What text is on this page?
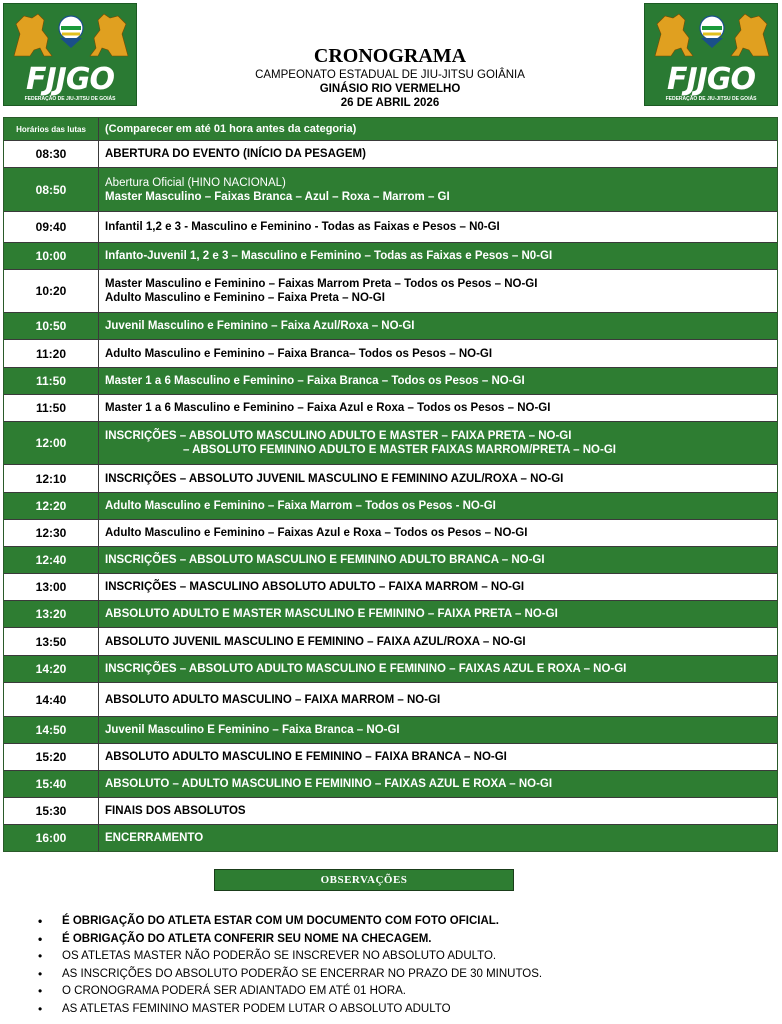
FJJGO
FEDERAÇÃO DE JIU-JITSU DE GOIÁS
FJJGO
FEDERAÇÃO DE JIU-JITSU DE GOIÁS
CRONOGRAMA
CAMPEONATO ESTADUAL DE JIU-JITSU GOIÂNIA
GINÁSIO RIO VERMELHO
26 DE ABRIL 2026
Horários das lutas	(Comparecer em até 01 hora antes da categoria)
08:30	ABERTURA DO EVENTO (INÍCIO DA PESAGEM)
08:50	Abertura Oficial (HINO NACIONAL)
Master Masculino – Faixas Branca – Azul – Roxa – Marrom – GI
09:40	Infantil 1,2 e 3 - Masculino e Feminino - Todas as Faixas e Pesos – N0-GI
10:00	Infanto-Juvenil 1, 2 e 3 – Masculino e Feminino – Todas as Faixas e Pesos – N0-GI
10:20	Master Masculino e Feminino – Faixas Marrom Preta – Todos os Pesos – NO-GI
Adulto Masculino e Feminino – Faixa Preta – NO-GI
10:50	Juvenil Masculino e Feminino – Faixa Azul/Roxa – NO-GI
11:20	Adulto Masculino e Feminino – Faixa Branca– Todos os Pesos – NO-GI
11:50	Master 1 a 6 Masculino e Feminino – Faixa Branca – Todos os Pesos – NO-GI
11:50	Master 1 a 6 Masculino e Feminino – Faixa Azul e Roxa – Todos os Pesos – NO-GI
12:00	INSCRIÇÕES – ABSOLUTO MASCULINO ADULTO E MASTER – FAIXA PRETA – NO-GI
– ABSOLUTO FEMININO ADULTO E MASTER FAIXAS MARROM/PRETA – NO-GI
12:10	INSCRIÇÕES – ABSOLUTO JUVENIL MASCULINO E FEMININO AZUL/ROXA – NO-GI
12:20	Adulto Masculino e Feminino – Faixa Marrom – Todos os Pesos - NO-GI
12:30	Adulto Masculino e Feminino – Faixas Azul e Roxa – Todos os Pesos – NO-GI
12:40	INSCRIÇÕES – ABSOLUTO MASCULINO E FEMININO ADULTO BRANCA – NO-GI
13:00	INSCRIÇÕES – MASCULINO ABSOLUTO ADULTO – FAIXA MARROM – NO-GI
13:20	ABSOLUTO ADULTO E MASTER MASCULINO E FEMININO – FAIXA PRETA – NO-GI
13:50	ABSOLUTO JUVENIL MASCULINO E FEMININO – FAIXA AZUL/ROXA – NO-GI
14:20	INSCRIÇÕES – ABSOLUTO ADULTO MASCULINO E FEMININO – FAIXAS AZUL E ROXA – NO-GI
14:40	ABSOLUTO ADULTO MASCULINO – FAIXA MARROM – NO-GI
14:50	Juvenil Masculino E Feminino – Faixa Branca – NO-GI
15:20	ABSOLUTO ADULTO MASCULINO E FEMININO – FAIXA BRANCA – NO-GI
15:40	ABSOLUTO – ADULTO MASCULINO E FEMININO – FAIXAS AZUL E ROXA – NO-GI
15:30	FINAIS DOS ABSOLUTOS
16:00	ENCERRAMENTO
OBSERVAÇÕES
• É OBRIGAÇÃO DO ATLETA ESTAR COM UM DOCUMENTO COM FOTO OFICIAL.
• É OBRIGAÇÃO DO ATLETA CONFERIR SEU NOME NA CHECAGEM.
• OS ATLETAS MASTER NÃO PODERÃO SE INSCREVER NO ABSOLUTO ADULTO.
• AS INSCRIÇÕES DO ABSOLUTO PODERÃO SE ENCERRAR NO PRAZO DE 30 MINUTOS.
• O CRONOGRAMA PODERÁ SER ADIANTADO EM ATÉ 01 HORA.
• AS ATLETAS FEMININO MASTER PODEM LUTAR O ABSOLUTO ADULTO
